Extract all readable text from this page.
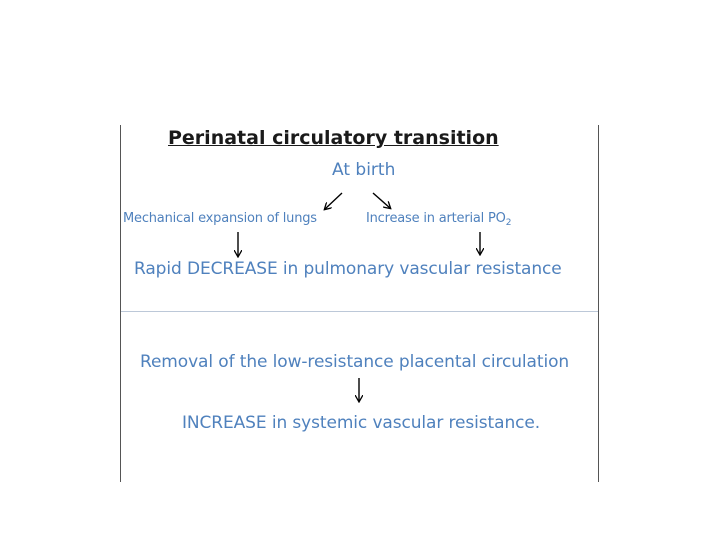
Perinatal circulatory transition
At birth
Mechanical expansion of lungs	Increase in arterial $PO_2$
Rapid DECREASE in pulmonary vascular resistance
Removal of the low-resistance placental circulation
INCREASE in systemic vascular resistance.
